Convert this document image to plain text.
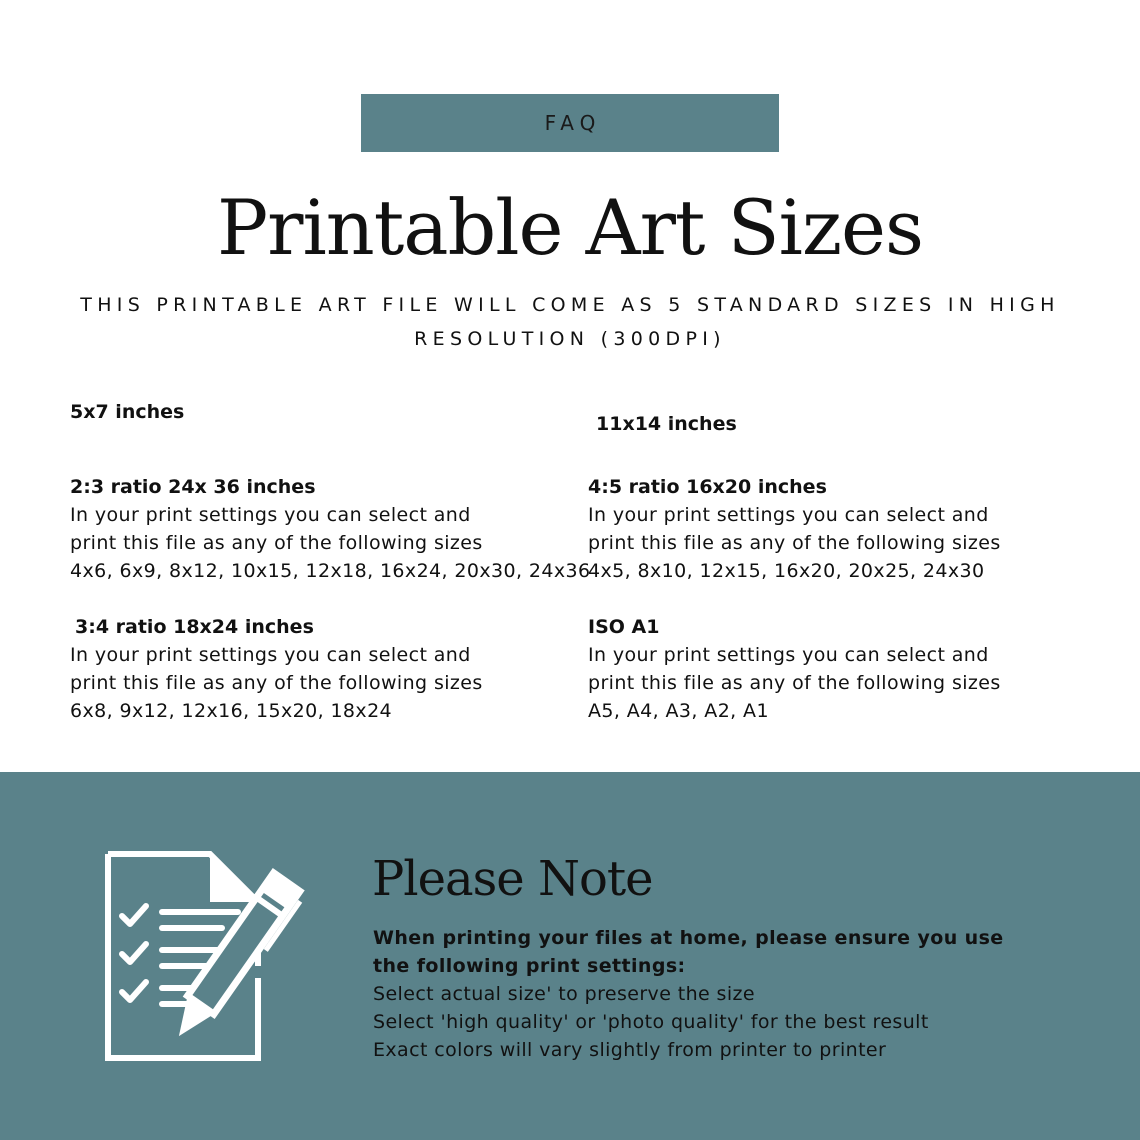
FAQ
Printable Art Sizes

THIS PRINTABLE ART FILE WILL COME AS 5 STANDARD SIZES IN HIGH RESOLUTION (300DPI)

5x7 inches
11x14 inches
2:3 ratio 24x 36 inches
In your print settings you can select and
print this file as any of the following sizes
4x6, 6x9, 8x12, 10x15, 12x18, 16x24, 20x30, 24x36
4:5 ratio 16x20 inches
In your print settings you can select and
print this file as any of the following sizes
4x5, 8x10, 12x15, 16x20, 20x25, 24x30
3:4 ratio 18x24 inches
In your print settings you can select and
print this file as any of the following sizes
6x8, 9x12, 12x16, 15x20, 18x24
ISO A1
In your print settings you can select and
print this file as any of the following sizes
A5, A4, A3, A2, A1
Please Note
When printing your files at home, please ensure you use
the following print settings:
Select actual size' to preserve the size
Select 'high quality' or 'photo quality' for the best result
Exact colors will vary slightly from printer to printer
